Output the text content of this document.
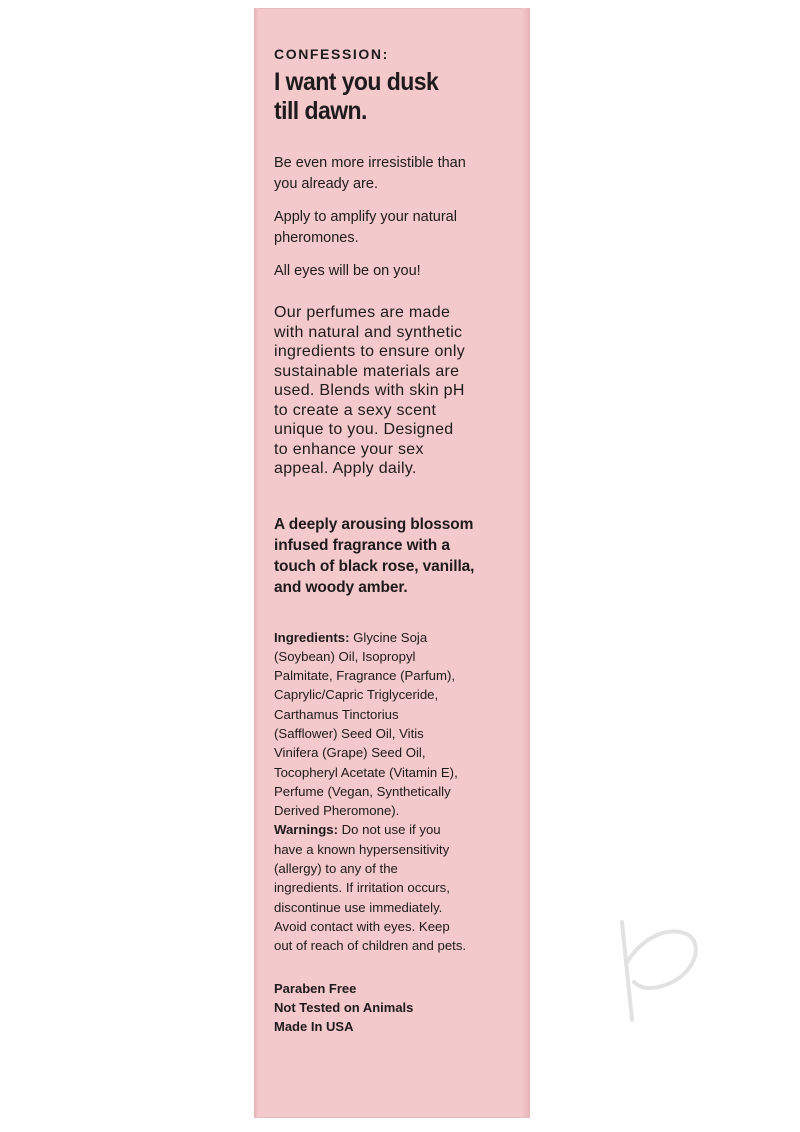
CONFESSION:

I want you dusk
till dawn.

Be even more irresistible than
you already are.

Apply to amplify your natural
pheromones.

All eyes will be on you!

Our perfumes are made
with natural and synthetic
ingredients to ensure only
sustainable materials are
used. Blends with skin pH
to create a sexy scent
unique to you. Designed
to enhance your sex
appeal. Apply daily.
A deeply arousing blossom
infused fragrance with a
touch of black rose, vanilla,
and woody amber.
Ingredients: Glycine Soja
(Soybean) Oil, Isopropyl
Palmitate, Fragrance (Parfum),
Caprylic/Capric Triglyceride,
Carthamus Tinctorius
(Safflower) Seed Oil, Vitis
Vinifera (Grape) Seed Oil,
Tocopheryl Acetate (Vitamin E),
Perfume (Vegan, Synthetically
Derived Pheromone).
Warnings: Do not use if you
have a known hypersensitivity
(allergy) to any of the
ingredients. If irritation occurs,
discontinue use immediately.
Avoid contact with eyes. Keep
out of reach of children and pets.
Paraben Free
Not Tested on Animals
Made In USA
